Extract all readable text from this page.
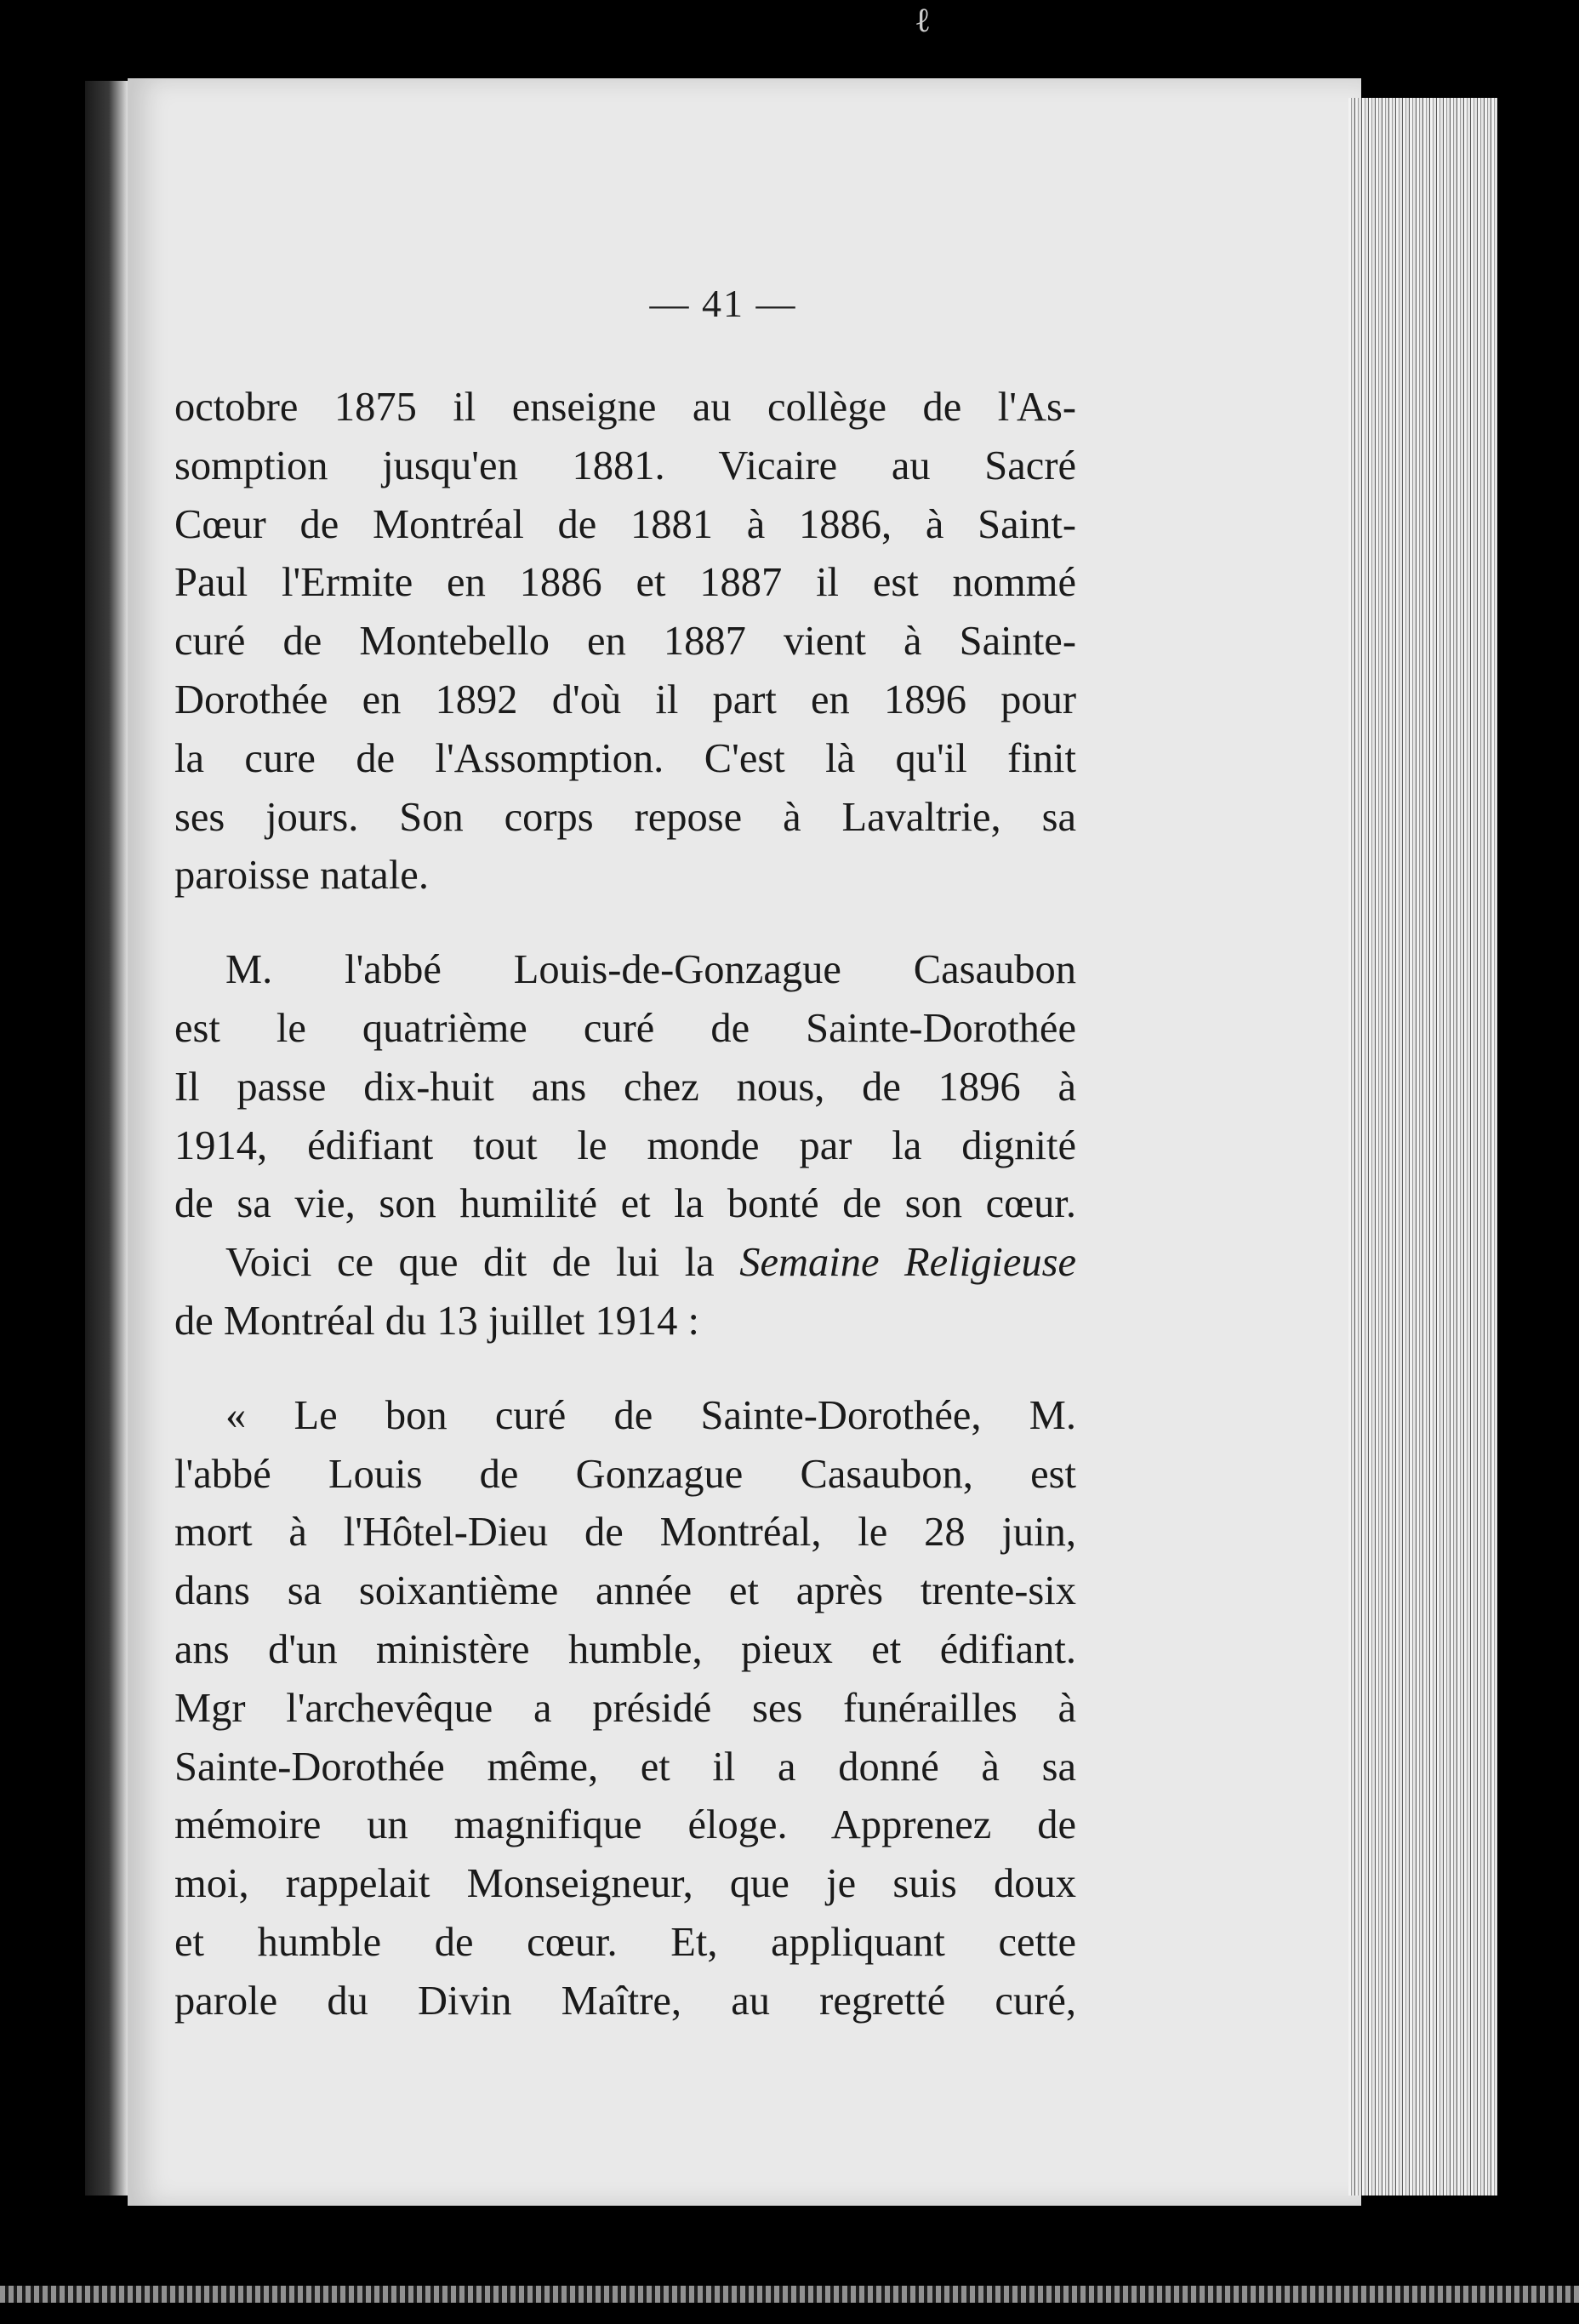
ℓ
— 41 —
octobre 1875 il enseigne au collège de l'As-
somption jusqu'en 1881. Vicaire au Sacré
Cœur de Montréal de 1881 à 1886, à Saint-
Paul l'Ermite en 1886 et 1887 il est nommé
curé de Montebello en 1887 vient à Sainte-
Dorothée en 1892 d'où il part en 1896 pour
la cure de l'Assomption. C'est là qu'il finit
ses jours. Son corps repose à Lavaltrie, sa
paroisse natale.
M. l'abbé Louis-de-Gonzague Casaubon
est le quatrième curé de Sainte-Dorothée
Il passe dix-huit ans chez nous, de 1896 à
1914, édifiant tout le monde par la dignité
de sa vie, son humilité et la bonté de son cœur.
Voici ce que dit de lui la Semaine Religieuse
de Montréal du 13 juillet 1914 :
« Le bon curé de Sainte-Dorothée, M.
l'abbé Louis de Gonzague Casaubon, est
mort à l'Hôtel-Dieu de Montréal, le 28 juin,
dans sa soixantième année et après trente-six
ans d'un ministère humble, pieux et édifiant.
Mgr l'archevêque a présidé ses funérailles à
Sainte-Dorothée même, et il a donné à sa
mémoire un magnifique éloge. Apprenez de
moi, rappelait Monseigneur, que je suis doux
et humble de cœur. Et, appliquant cette
parole du Divin Maître, au regretté curé,
